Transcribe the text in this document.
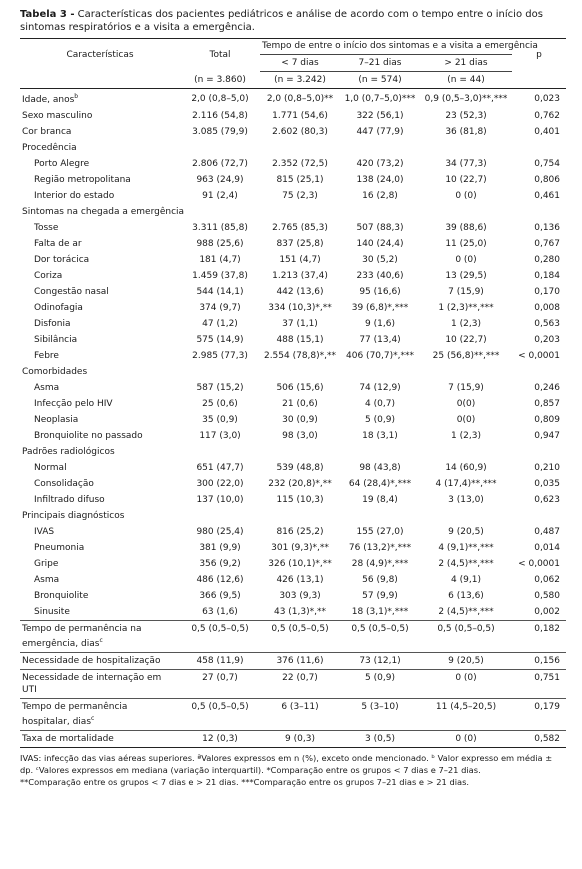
Tabela 3 - Características dos pacientes pediátricos e análise de acordo com o tempo entre o início dos sintomas respiratórios e a visita a emergência.

Características	Total	Tempo de entre o início dos sintomas e a visita a emergência			p
		< 7 dias	7–21 dias	> 21 dias	
	(n = 3.860)	(n = 3.242)	(n = 574)	(n = 44)	
Idade, anos$^b$	2,0 (0,8–5,0)	2,0 (0,8–5,0)**	1,0 (0,7–5,0)***	0,9 (0,5–3,0)**,***	0,023
Sexo masculino	2.116 (54,8)	1.771 (54,6)	322 (56,1)	23 (52,3)	0,762
Cor branca	3.085 (79,9)	2.602 (80,3)	447 (77,9)	36 (81,8)	0,401
Procedência					
Porto Alegre	2.806 (72,7)	2.352 (72,5)	420 (73,2)	34 (77,3)	0,754
Região metropolitana	963 (24,9)	815 (25,1)	138 (24,0)	10 (22,7)	0,806
Interior do estado	91 (2,4)	75 (2,3)	16 (2,8)	0 (0)	0,461
Sintomas na chegada a emergência					
Tosse	3.311 (85,8)	2.765 (85,3)	507 (88,3)	39 (88,6)	0,136
Falta de ar	988 (25,6)	837 (25,8)	140 (24,4)	11 (25,0)	0,767
Dor torácica	181 (4,7)	151 (4,7)	30 (5,2)	0 (0)	0,280
Coriza	1.459 (37,8)	1.213 (37,4)	233 (40,6)	13 (29,5)	0,184
Congestão nasal	544 (14,1)	442 (13,6)	95 (16,6)	7 (15,9)	0,170
Odinofagia	374 (9,7)	334 (10,3)*,**	39 (6,8)*,***	1 (2,3)**,***	0,008
Disfonia	47 (1,2)	37 (1,1)	9 (1,6)	1 (2,3)	0,563
Sibilância	575 (14,9)	488 (15,1)	77 (13,4)	10 (22,7)	0,203
Febre	2.985 (77,3)	2.554 (78,8)*,**	406 (70,7)*,***	25 (56,8)**,***	< 0,0001
Comorbidades					
Asma	587 (15,2)	506 (15,6)	74 (12,9)	7 (15,9)	0,246
Infecção pelo HIV	25 (0,6)	21 (0,6)	4 (0,7)	0(0)	0,857
Neoplasia	35 (0,9)	30 (0,9)	5 (0,9)	0(0)	0,809
Bronquiolite no passado	117 (3,0)	98 (3,0)	18 (3,1)	1 (2,3)	0,947
Padrões radiológicos					
Normal	651 (47,7)	539 (48,8)	98 (43,8)	14 (60,9)	0,210
Consolidação	300 (22,0)	232 (20,8)*,**	64 (28,4)*,***	4 (17,4)**,***	0,035
Infiltrado difuso	137 (10,0)	115 (10,3)	19 (8,4)	3 (13,0)	0,623
Principais diagnósticos					
IVAS	980 (25,4)	816 (25,2)	155 (27,0)	9 (20,5)	0,487
Pneumonia	381 (9,9)	301 (9,3)*,**	76 (13,2)*,***	4 (9,1)**,***	0,014
Gripe	356 (9,2)	326 (10,1)*,**	28 (4,9)*,***	2 (4,5)**,***	< 0,0001
Asma	486 (12,6)	426 (13,1)	56 (9,8)	4 (9,1)	0,062
Bronquiolite	366 (9,5)	303 (9,3)	57 (9,9)	6 (13,6)	0,580
Sinusite	63 (1,6)	43 (1,3)*,**	18 (3,1)*,***	2 (4,5)**,***	0,002
Tempo de permanência na emergência, dias$^c$	0,5 (0,5–0,5)	0,5 (0,5–0,5)	0,5 (0,5–0,5)	0,5 (0,5–0,5)	0,182
Necessidade de hospitalização	458 (11,9)	376 (11,6)	73 (12,1)	9 (20,5)	0,156
Necessidade de internação em UTI	27 (0,7)	22 (0,7)	5 (0,9)	0 (0)	0,751
Tempo de permanência hospitalar, dias$^c$	0,5 (0,5–0,5)	6 (3–11)	5 (3–10)	11 (4,5–20,5)	0,179
Taxa de mortalidade	12 (0,3)	9 (0,3)	3 (0,5)	0 (0)	0,582

IVAS: infecção das vias aéreas superiores. ªValores expressos em n (%), exceto onde mencionado. ᵇ Valor expresso em média ± dp. ᶜValores expressos em mediana (variação interquartil). *Comparação entre os grupos < 7 dias e 7–21 dias.

**Comparação entre os grupos < 7 dias e > 21 dias. ***Comparação entre os grupos 7–21 dias e > 21 dias.
